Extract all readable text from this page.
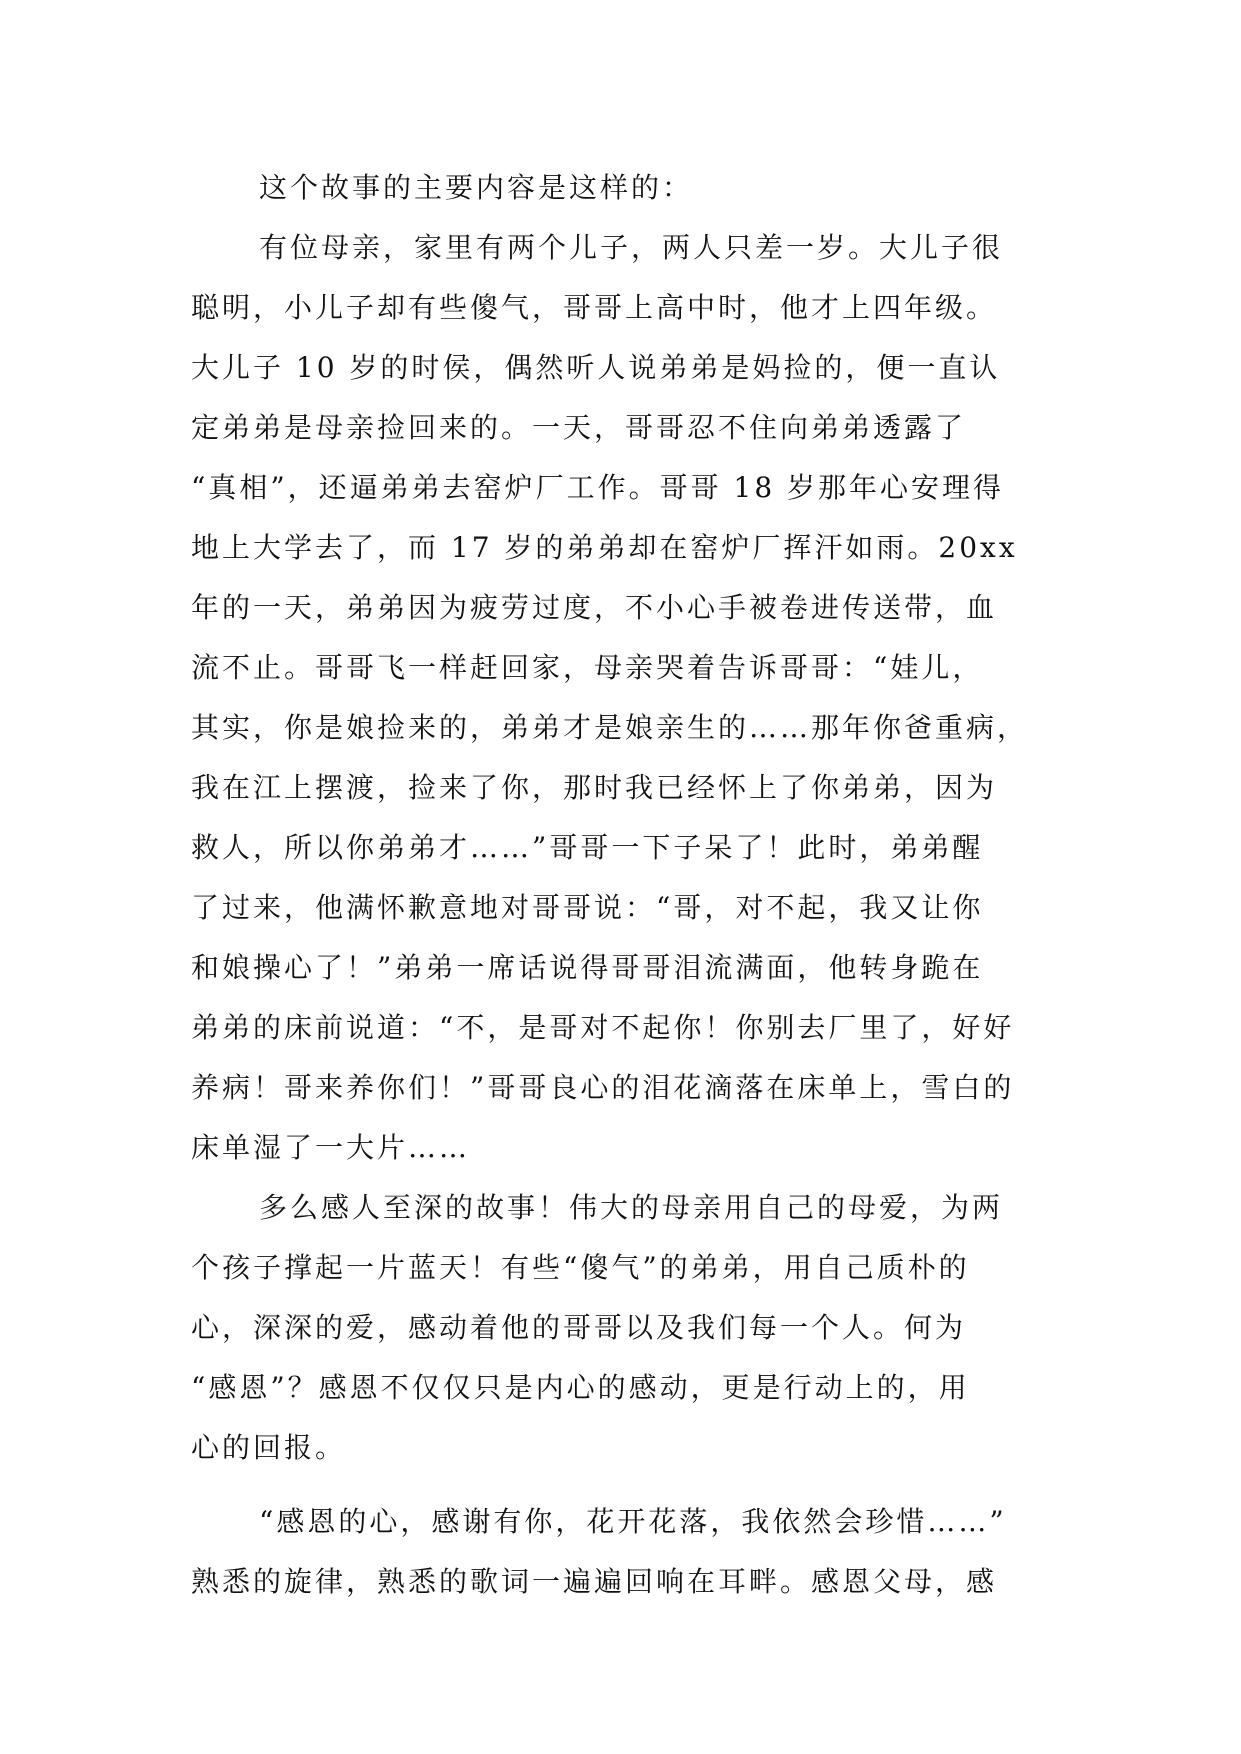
这个故事的主要内容是这样的：
有位母亲，家里有两个儿子，两人只差一岁。大儿子很
聪明，小儿子却有些傻气，哥哥上高中时，他才上四年级。
大儿子 10 岁的时侯，偶然听人说弟弟是妈捡的，便一直认
定弟弟是母亲捡回来的。一天，哥哥忍不住向弟弟透露了
“真相”，还逼弟弟去窑炉厂工作。哥哥 18 岁那年心安理得
地上大学去了，而 17 岁的弟弟却在窑炉厂挥汗如雨。20xx
年的一天，弟弟因为疲劳过度，不小心手被卷进传送带，血
流不止。哥哥飞一样赶回家，母亲哭着告诉哥哥：“娃儿，
其实，你是娘捡来的，弟弟才是娘亲生的……那年你爸重病，
我在江上摆渡，捡来了你，那时我已经怀上了你弟弟，因为
救人，所以你弟弟才……”哥哥一下子呆了！此时，弟弟醒
了过来，他满怀歉意地对哥哥说：“哥，对不起，我又让你
和娘操心了！”弟弟一席话说得哥哥泪流满面，他转身跪在
弟弟的床前说道：“不，是哥对不起你！你别去厂里了，好好
养病！哥来养你们！”哥哥良心的泪花滴落在床单上，雪白的
床单湿了一大片……
多么感人至深的故事！伟大的母亲用自己的母爱，为两
个孩子撑起一片蓝天！有些“傻气”的弟弟，用自己质朴的
心，深深的爱，感动着他的哥哥以及我们每一个人。何为
“感恩”？感恩不仅仅只是内心的感动，更是行动上的，用
心的回报。
“感恩的心，感谢有你，花开花落，我依然会珍惜……”
熟悉的旋律，熟悉的歌词一遍遍回响在耳畔。感恩父母，感
